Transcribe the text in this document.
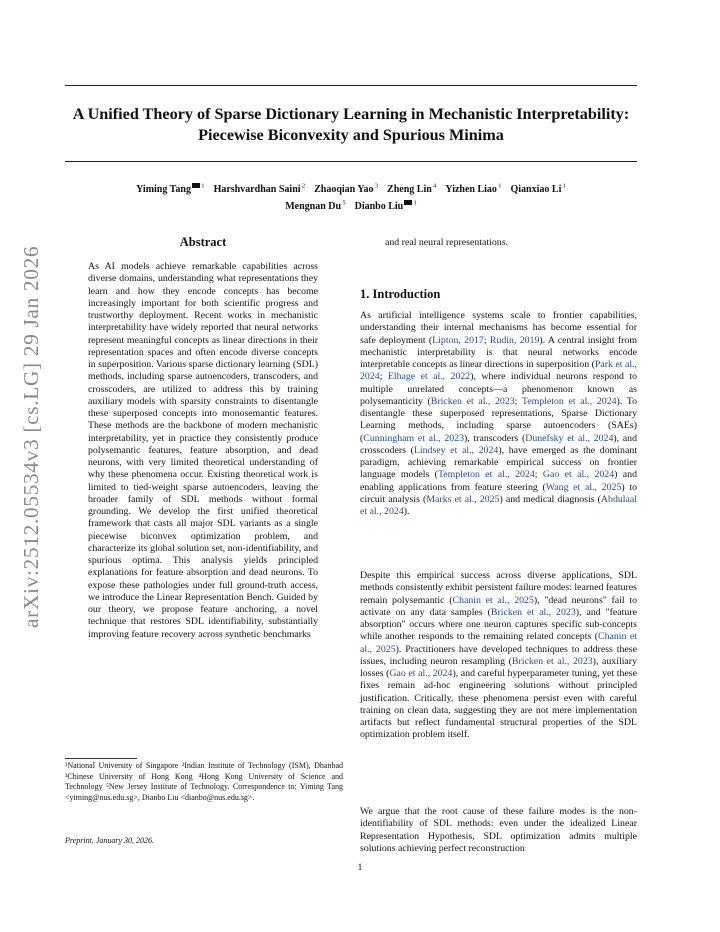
A Unified Theory of Sparse Dictionary Learning in Mechanistic Interpretability:
Piecewise Biconvexity and Spurious Minima
Yiming Tang $^1$ Harshvardhan Saini $^2$ Zhaoqian Yao $^3$ Zheng Lin $^4$ Yizhen Liao $^1$ Qianxiao Li $^1$
Mengnan Du $^5$ Dianbo Liu $^1$
arXiv:2512.05534v3 [cs.LG] 29 Jan 2026
Abstract
As AI models achieve remarkable capabilities across diverse domains, understanding what representations they learn and how they encode concepts has become increasingly important for both scientific progress and trustworthy deployment. Recent works in mechanistic interpretability have widely reported that neural networks represent meaningful concepts as linear directions in their representation spaces and often encode diverse concepts in superposition. Various sparse dictionary learning (SDL) methods, including sparse autoencoders, transcoders, and crosscoders, are utilized to address this by training auxiliary models with sparsity constraints to disentangle these superposed concepts into monosemantic features. These methods are the backbone of modern mechanistic interpretability, yet in practice they consistently produce polysemantic features, feature absorption, and dead neurons, with very limited theoretical understanding of why these phenomena occur. Existing theoretical work is limited to tied-weight sparse autoencoders, leaving the broader family of SDL methods without formal grounding. We develop the first unified theoretical framework that casts all major SDL variants as a single piecewise biconvex optimization problem, and characterize its global solution set, non-identifiability, and spurious optima. This analysis yields principled explanations for feature absorption and dead neurons. To expose these pathologies under full ground-truth access, we introduce the Linear Representation Bench. Guided by our theory, we propose feature anchoring, a novel technique that restores SDL identifiability, substantially improving feature recovery across synthetic benchmarks
¹National University of Singapore ²Indian Institute of Technology (ISM), Dhanbad ³Chinese University of Hong Kong ⁴Hong Kong University of Science and Technology ⁵New Jersey Institute of Technology. Correspondence to: Yiming Tang <yiming@nus.edu.sg>, Dianbo Liu <dianbo@nus.edu.sg>.
Preprint. January 30, 2026.
and real neural representations.
1. Introduction
As artificial intelligence systems scale to frontier capabilities, understanding their internal mechanisms has become essential for safe deployment (Lipton, 2017; Rudin, 2019). A central insight from mechanistic interpretability is that neural networks encode interpretable concepts as linear directions in superposition (Park et al., 2024; Elhage et al., 2022), where individual neurons respond to multiple unrelated concepts—a phenomenon known as polysemanticity (Bricken et al., 2023; Templeton et al., 2024). To disentangle these superposed representations, Sparse Dictionary Learning methods, including sparse autoencoders (SAEs) (Cunningham et al., 2023), transcoders (Dunefsky et al., 2024), and crosscoders (Lindsey et al., 2024), have emerged as the dominant paradigm, achieving remarkable empirical success on frontier language models (Templeton et al., 2024; Gao et al., 2024) and enabling applications from feature steering (Wang et al., 2025) to circuit analysis (Marks et al., 2025) and medical diagnosis (Abdulaal et al., 2024).
Despite this empirical success across diverse applications, SDL methods consistently exhibit persistent failure modes: learned features remain polysemantic (Chanin et al., 2025), "dead neurons" fail to activate on any data samples (Bricken et al., 2023), and "feature absorption" occurs where one neuron captures specific sub-concepts while another responds to the remaining related concepts (Chanin et al., 2025). Practitioners have developed techniques to address these issues, including neuron resampling (Bricken et al., 2023), auxiliary losses (Gao et al., 2024), and careful hyperparameter tuning, yet these fixes remain ad-hoc engineering solutions without principled justification. Critically, these phenomena persist even with careful training on clean data, suggesting they are not mere implementation artifacts but reflect fundamental structural properties of the SDL optimization problem itself.
We argue that the root cause of these failure modes is the non-identifiability of SDL methods: even under the idealized Linear Representation Hypothesis, SDL optimization admits multiple solutions achieving perfect reconstruction
1
